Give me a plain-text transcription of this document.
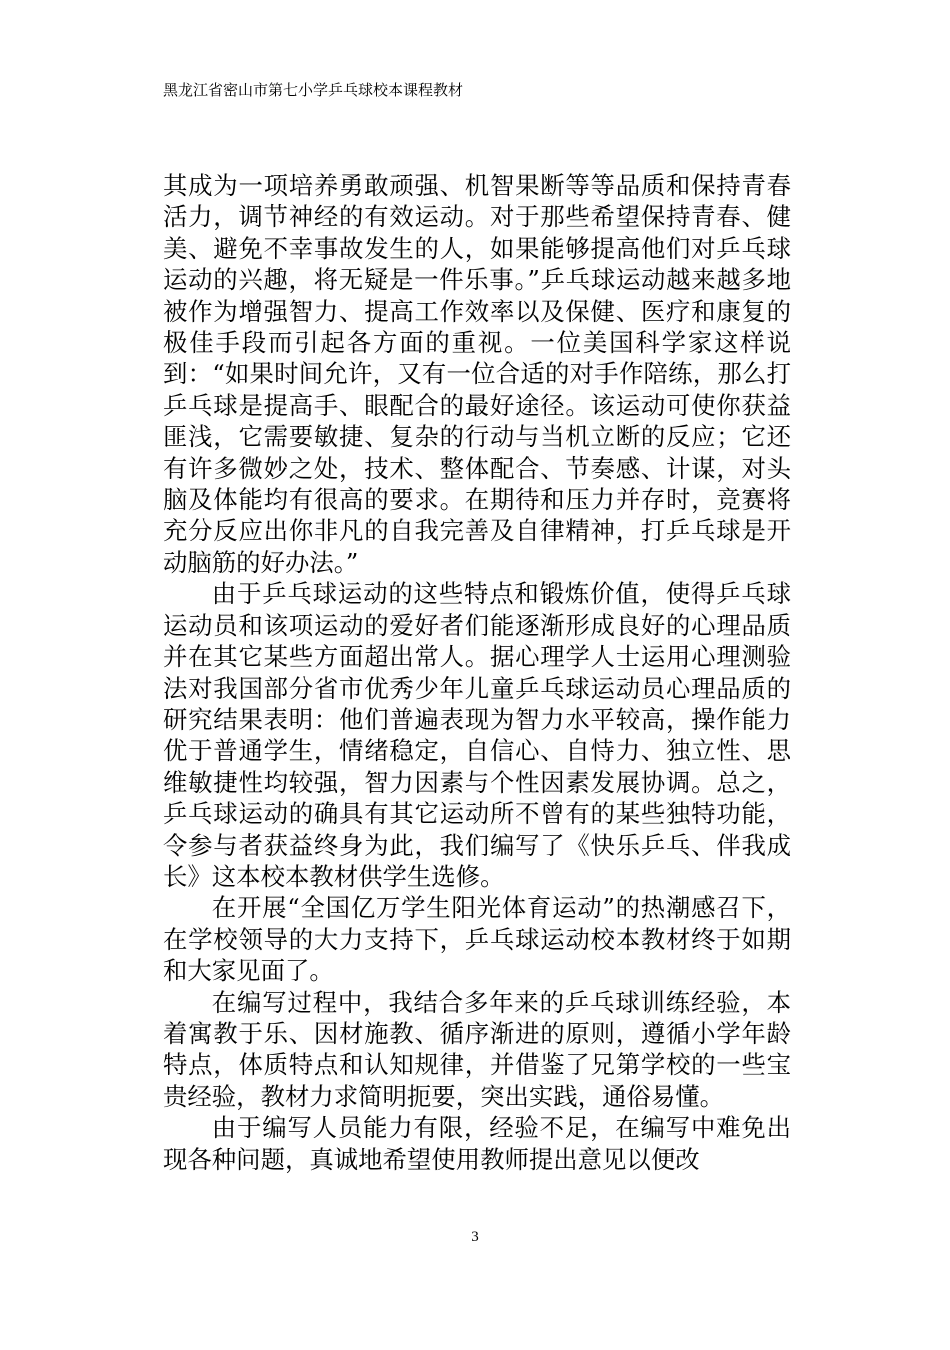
黑龙江省密山市第七小学乒乓球校本课程教材

其成为一项培养勇敢顽强、机智果断等等品质和保持青春活力，调节神经的有效运动。对于那些希望保持青春、健美、避免不幸事故发生的人，如果能够提高他们对乒乓球运动的兴趣，将无疑是一件乐事。”乒乓球运动越来越多地被作为增强智力、提高工作效率以及保健、医疗和康复的极佳手段而引起各方面的重视。一位美国科学家这样说到：“如果时间允许，又有一位合适的对手作陪练，那么打乒乓球是提高手、眼配合的最好途径。该运动可使你获益匪浅，它需要敏捷、复杂的行动与当机立断的反应；它还有许多微妙之处，技术、整体配合、节奏感、计谋，对头脑及体能均有很高的要求。在期待和压力并存时，竞赛将充分反应出你非凡的自我完善及自律精神，打乒乓球是开动脑筋的好办法。”

由于乒乓球运动的这些特点和锻炼价值，使得乒乓球运动员和该项运动的爱好者们能逐渐形成良好的心理品质并在其它某些方面超出常人。据心理学人士运用心理测验法对我国部分省市优秀少年儿童乒乓球运动员心理品质的研究结果表明：他们普遍表现为智力水平较高，操作能力优于普通学生，情绪稳定，自信心、自恃力、独立性、思维敏捷性均较强，智力因素与个性因素发展协调。总之，乒乓球运动的确具有其它运动所不曾有的某些独特功能，令参与者获益终身为此，我们编写了《快乐乒乓、伴我成长》这本校本教材供学生选修。

在开展“全国亿万学生阳光体育运动”的热潮感召下，在学校领导的大力支持下，乒乓球运动校本教材终于如期和大家见面了。

在编写过程中，我结合多年来的乒乓球训练经验，本着寓教于乐、因材施教、循序渐进的原则，遵循小学年龄特点，体质特点和认知规律，并借鉴了兄第学校的一些宝贵经验，教材力求简明扼要，突出实践，通俗易懂。

由于编写人员能力有限，经验不足，在编写中难免出现各种问题，真诚地希望使用教师提出意见以便改

3
